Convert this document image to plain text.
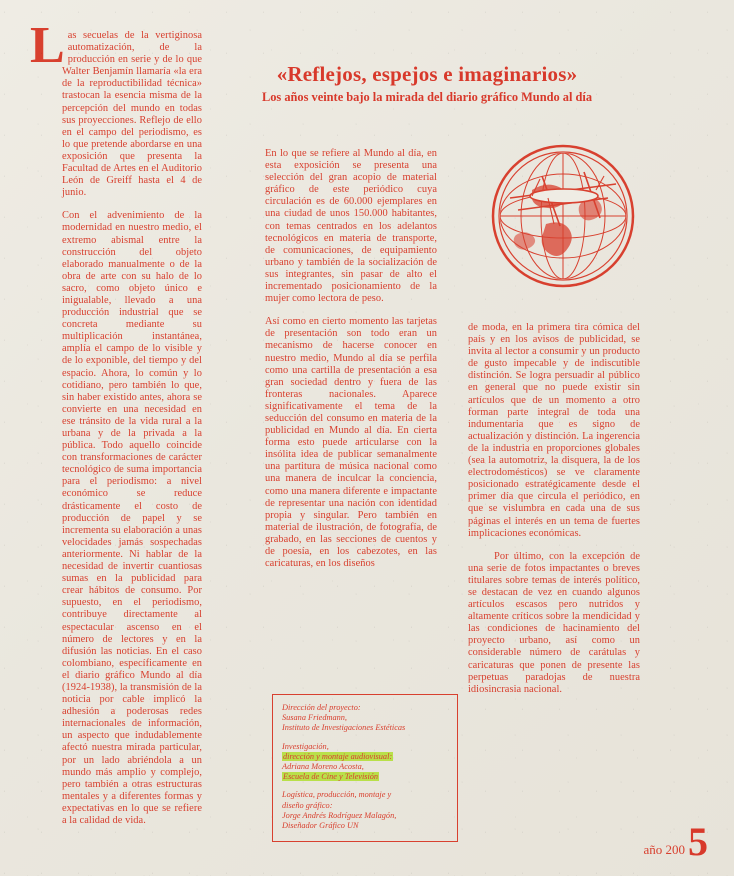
Las secuelas de la vertiginosa automatización, de la producción en serie y de lo que Walter Benjamín llamaría «la era de la reproductibilidad técnica» trastocan la esencia misma de la percepción del mundo en todas sus proyecciones. Reflejo de ello en el campo del periodismo, es lo que pretende abordarse en una exposición que presenta la Facultad de Artes en el Auditorio León de Greiff hasta el 4 de junio.

Con el advenimiento de la modernidad en nuestro medio, el extremo abismal entre la construcción del objeto elaborado manualmente o de la obra de arte con su halo de lo sacro, como objeto único e inigualable, llevado a una producción industrial que se concreta mediante su multiplicación instantánea, amplía el campo de lo visible y de lo exponible, del tiempo y del espacio. Ahora, lo común y lo cotidiano, pero también lo que, sin haber existido antes, ahora se convierte en una necesidad en ese tránsito de la vida rural a la urbana y de la privada a la pública. Todo aquello coincide con transformaciones de carácter tecnológico de suma importancia para el periodismo: a nivel económico se reduce drásticamente el costo de producción de papel y se incrementa su elaboración a unas velocidades jamás sospechadas anteriormente. Ni hablar de la necesidad de invertir cuantiosas sumas en la publicidad para crear hábitos de consumo. Por supuesto, en el periodismo, contribuye directamente al espectacular ascenso en el número de lectores y en la difusión las noticias. En el caso colombiano, específicamente en el diario gráfico Mundo al día (1924-1938), la transmisión de la noticia por cable implicó la adhesión a poderosas redes internacionales de información, un aspecto que indudablemente afectó nuestra mirada particular, por un lado abriéndola a un mundo más amplio y complejo, pero también a otras estructuras mentales y a diferentes formas y expectativas en lo que se refiere a la calidad de vida.

«Reflejos, espejos e imaginarios»
Los años veinte bajo la mirada del diario gráfico Mundo al día

En lo que se refiere al Mundo al día, en esta exposición se presenta una selección del gran acopio de material gráfico de este periódico cuya circulación es de 60.000 ejemplares en una ciudad de unos 150.000 habitantes, con temas centrados en los adelantos tecnológicos en materia de transporte, de comunicaciones, de equipamiento urbano y también de la socialización de sus integrantes, sin pasar de alto el incrementado posicionamiento de la mujer como lectora de peso.

Así como en cierto momento las tarjetas de presentación son todo eran un mecanismo de hacerse conocer en nuestro medio, Mundo al día se perfila como una cartilla de presentación a esa gran sociedad dentro y fuera de las fronteras nacionales. Aparece significativamente el tema de la seducción del consumo en materia de la publicidad en Mundo al día. En cierta forma esto puede articularse con la insólita idea de publicar semanalmente una partitura de música nacional como una manera de inculcar la conciencia, como una manera diferente e impactante de representar una nación con identidad propia y singular. Pero también en material de ilustración, de fotografía, de grabado, en las secciones de cuentos y de poesía, en los cabezotes, en las caricaturas, en los diseños

de moda, en la primera tira cómica del país y en los avisos de publicidad, se invita al lector a consumir y un producto de gusto impecable y de indiscutible distinción. Se logra persuadir al público en general que no puede existir sin artículos que de un momento a otro forman parte integral de toda una indumentaria que es signo de actualización y distinción. La ingerencia de la industria en proporciones globales (sea la automotriz, la disquera, la de los electrodomésticos) se ve claramente posicionado estratégicamente desde el primer día que circula el periódico, en que se vislumbra en cada una de sus páginas el interés en un tema de fuertes implicaciones económicas.

Por último, con la excepción de una serie de fotos impactantes o breves titulares sobre temas de interés político, se destacan de vez en cuando algunos artículos escasos pero nutridos y altamente críticos sobre la mendicidad y las condiciones de hacinamiento del proyecto urbano, así como un considerable número de carátulas y caricaturas que ponen de presente las perpetuas paradojas de nuestra idiosincrasia nacional.

Dirección del proyecto:
Susana Friedmann,
Instituto de Investigaciones Estéticas
Investigación,
dirección y montaje audiovisual:
Adriana Moreno Acosta,
Escuela de Cine y Televisión
Logística, producción, montaje y
diseño gráfico:
Jorge Andrés Rodríguez Malagón,
Diseñador Gráfico UN
año 200 5
